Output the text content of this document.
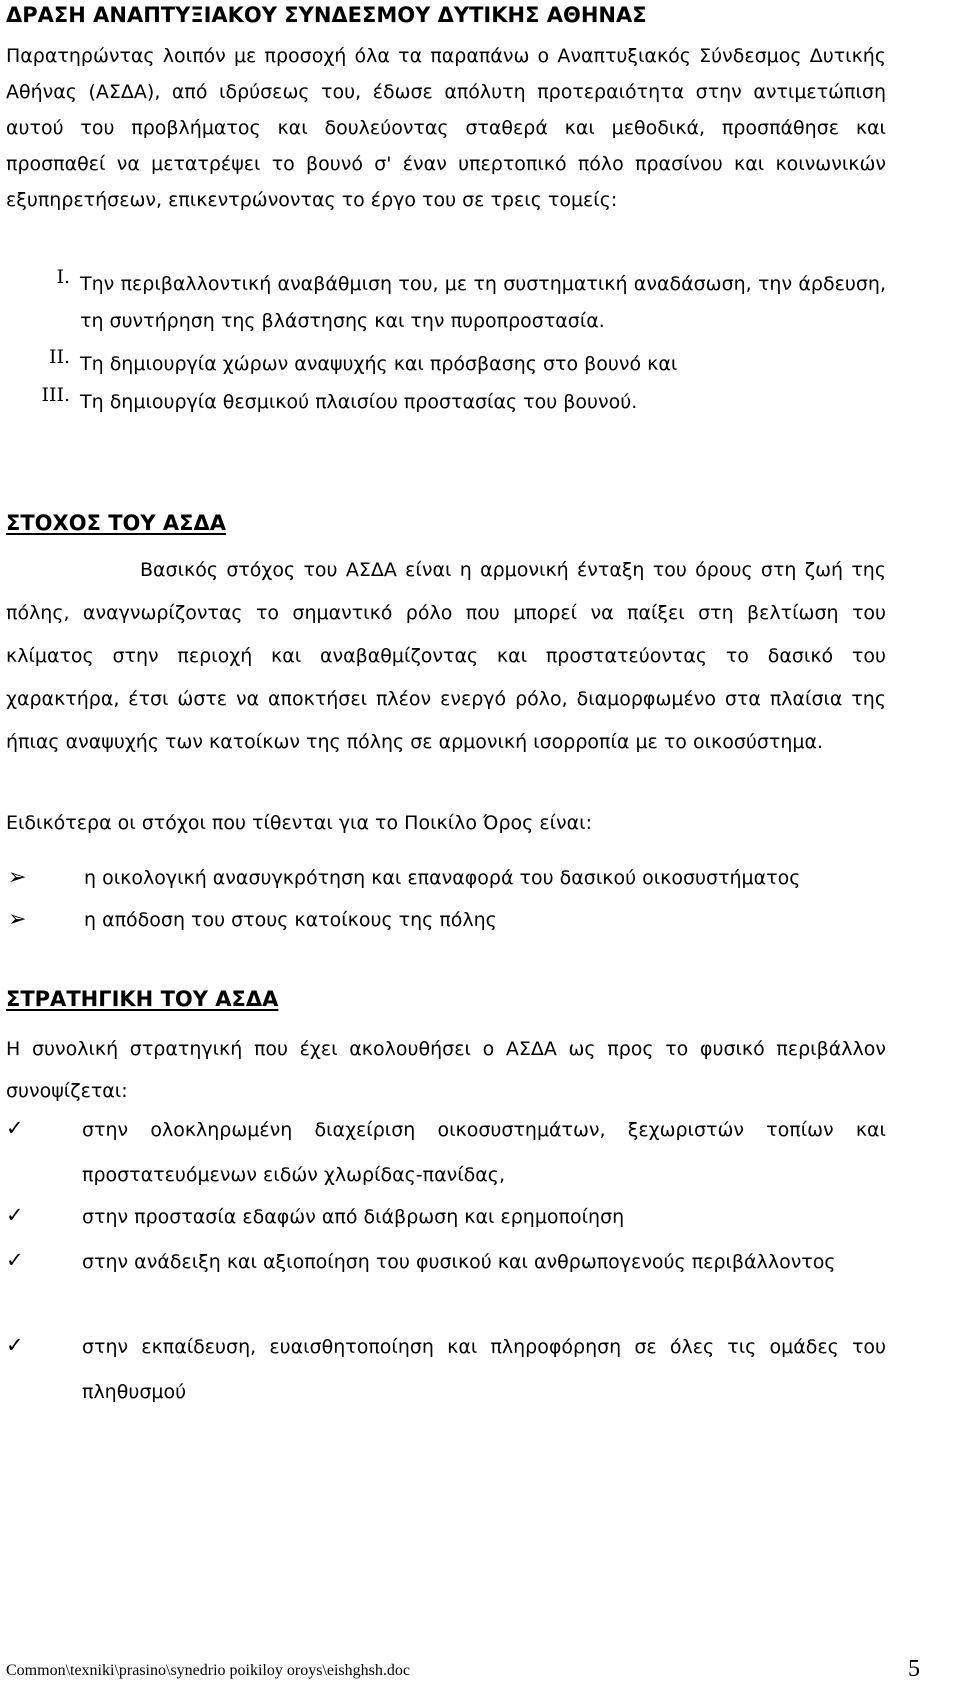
ΔΡΑΣΗ ΑΝΑΠΤΥΞΙΑΚΟΥ ΣΥΝΔΕΣΜΟΥ ΔΥΤΙΚΗΣ ΑΘΗΝΑΣ
Παρατηρώντας λοιπόν με προσοχή όλα τα παραπάνω ο Αναπτυξιακός Σύνδεσμος Δυτικής Αθήνας (ΑΣΔΑ), από ιδρύσεως του, έδωσε απόλυτη προτεραιότητα στην αντιμετώπιση αυτού του προβλήματος και δουλεύοντας σταθερά και μεθοδικά, προσπάθησε και προσπαθεί να μετατρέψει το βουνό σ' έναν υπερτοπικό πόλο πρασίνου και κοινωνικών εξυπηρετήσεων, επικεντρώνοντας το έργο του σε τρεις τομείς:
I. Την περιβαλλοντική αναβάθμιση του, με τη συστηματική αναδάσωση, την άρδευση, τη συντήρηση της βλάστησης και την πυροπροστασία.
II. Τη δημιουργία χώρων αναψυχής και πρόσβασης στο βουνό και
III. Τη δημιουργία θεσμικού πλαισίου προστασίας του βουνού.
ΣΤΟΧΟΣ ΤΟΥ ΑΣΔΑ
Βασικός στόχος του ΑΣΔΑ είναι η αρμονική ένταξη του όρους στη ζωή της πόλης, αναγνωρίζοντας το σημαντικό ρόλο που μπορεί να παίξει στη βελτίωση του κλίματος στην περιοχή και αναβαθμίζοντας και προστατεύοντας το δασικό του χαρακτήρα, έτσι ώστε να αποκτήσει πλέον ενεργό ρόλο, διαμορφωμένο στα πλαίσια της ήπιας αναψυχής των κατοίκων της πόλης σε αρμονική ισορροπία με το οικοσύστημα.
Ειδικότερα οι στόχοι που τίθενται για το Ποικίλο Όρος είναι:
➢	η οικολογική ανασυγκρότηση και επαναφορά του δασικού οικοσυστήματος
➢	η απόδοση του στους κατοίκους της πόλης
ΣΤΡΑΤΗΓΙΚΗ ΤΟΥ ΑΣΔΑ
Η συνολική στρατηγική που έχει ακολουθήσει ο ΑΣΔΑ ως προς το φυσικό περιβάλλον συνοψίζεται:
✓	στην ολοκληρωμένη διαχείριση οικοσυστημάτων, ξεχωριστών τοπίων και προστατευόμενων ειδών χλωρίδας-πανίδας,
✓	στην προστασία εδαφών από διάβρωση και ερημοποίηση
✓	στην ανάδειξη και αξιοποίηση του φυσικού και ανθρωπογενούς περιβάλλοντος
✓	στην εκπαίδευση, ευαισθητοποίηση και πληροφόρηση σε όλες τις ομάδες του πληθυσμού
Common\texniki\prasino\synedrio poikiloy oroys\eishghsh.doc	5
